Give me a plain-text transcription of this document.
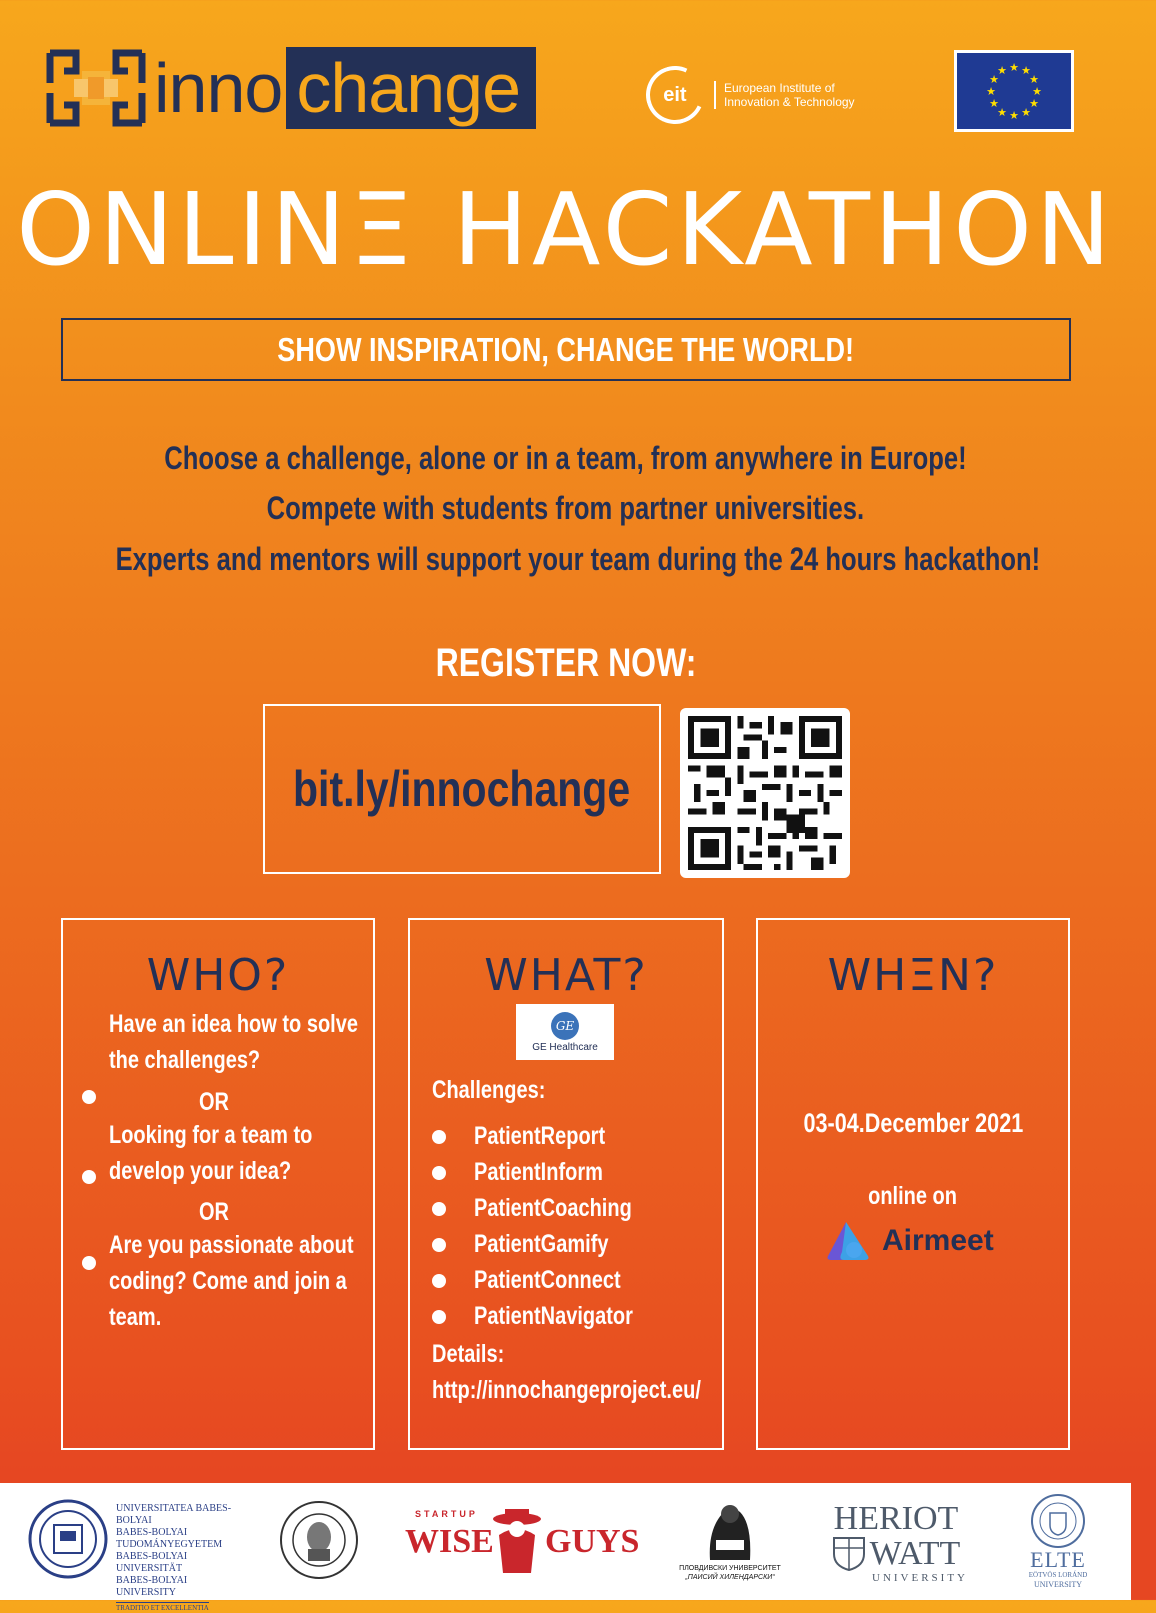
inno change	eit	European Institute of
Innovation & Technology
★ ★
★
★
★
★
★
★
★
★
★
★
ONLINΞ HACKATHON
SHOW INSPIRATION, CHANGE THE WORLD!
Choose a challenge, alone or in a team, from anywhere in Europe!
Compete with students from partner universities.
Experts and mentors will support your team during the 24 hours hackathon!
REGISTER NOW:
bit.ly/innochange
WHO?
Have an idea how to solve
the challenges?
OR
Looking for a team to
develop your idea?
OR
Are you passionate about
coding? Come and join a
team.
WHAT?
GE
GE Healthcare
Challenges:
PatientReport
PatientInform
PatientCoaching
PatientGamify
PatientConnect
PatientNavigator
Details:
http://innochangeproject.eu/
WHΞN?
03-04.December 2021
online on
Airmeet
UNIVERSITATEA BABES-BOLYAI
BABES-BOLYAI TUDOMÁNYEGYETEM
BABES-BOLYAI UNIVERSITÄT
BABES-BOLYAI UNIVERSITY
TRADITIO ET EXCELLENTIA
STARTUP
WISE GUYS
ПЛОВДИВСКИ УНИВЕРСИТЕТ
„ПАИСИЙ ХИЛЕНДАРСКИ“
HERIOT
WATT
UNIVERSITY
ELTE
EÖTVÖS LORÁND
UNIVERSITY
